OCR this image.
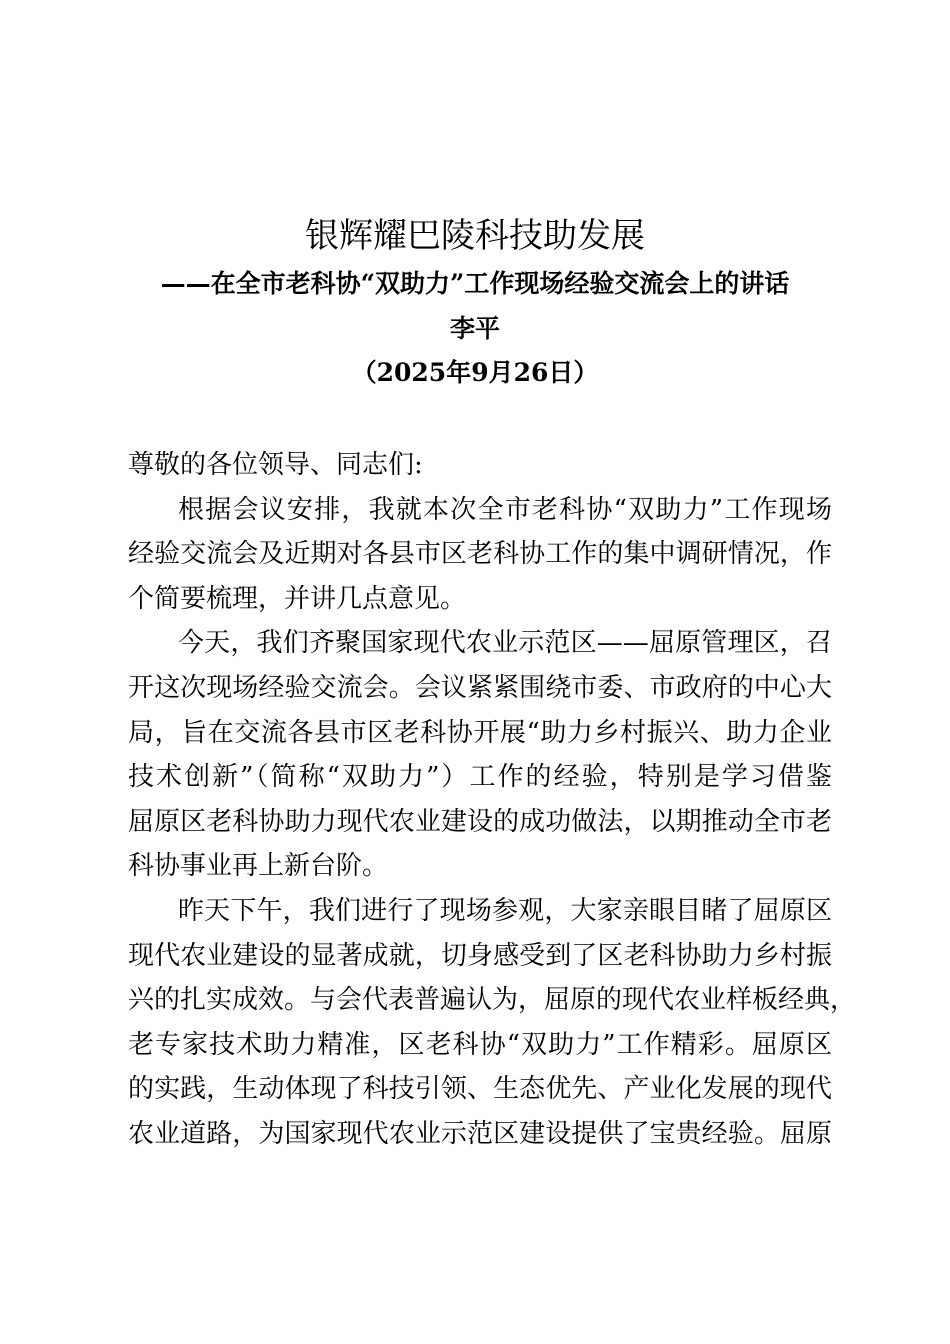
银辉耀巴陵科技助发展
——在全市老科协“双助力”工作现场经验交流会上的讲话
李平
（2025年9月26日）
尊敬的各位领导、同志们:
根据会议安排，我就本次全市老科协“双助力”工作现场
经验交流会及近期对各县市区老科协工作的集中调研情况，作
个简要梳理，并讲几点意见。
今天，我们齐聚国家现代农业示范区——屈原管理区，召
开这次现场经验交流会。会议紧紧围绕市委、市政府的中心大
局，旨在交流各县市区老科协开展“助力乡村振兴、助力企业
技术创新”（简称“双助力”）工作的经验，特别是学习借鉴
屈原区老科协助力现代农业建设的成功做法，以期推动全市老
科协事业再上新台阶。
昨天下午，我们进行了现场参观，大家亲眼目睹了屈原区
现代农业建设的显著成就，切身感受到了区老科协助力乡村振
兴的扎实成效。与会代表普遍认为，屈原的现代农业样板经典，
老专家技术助力精准，区老科协“双助力”工作精彩。屈原区
的实践，生动体现了科技引领、生态优先、产业化发展的现代
农业道路，为国家现代农业示范区建设提供了宝贵经验。屈原
